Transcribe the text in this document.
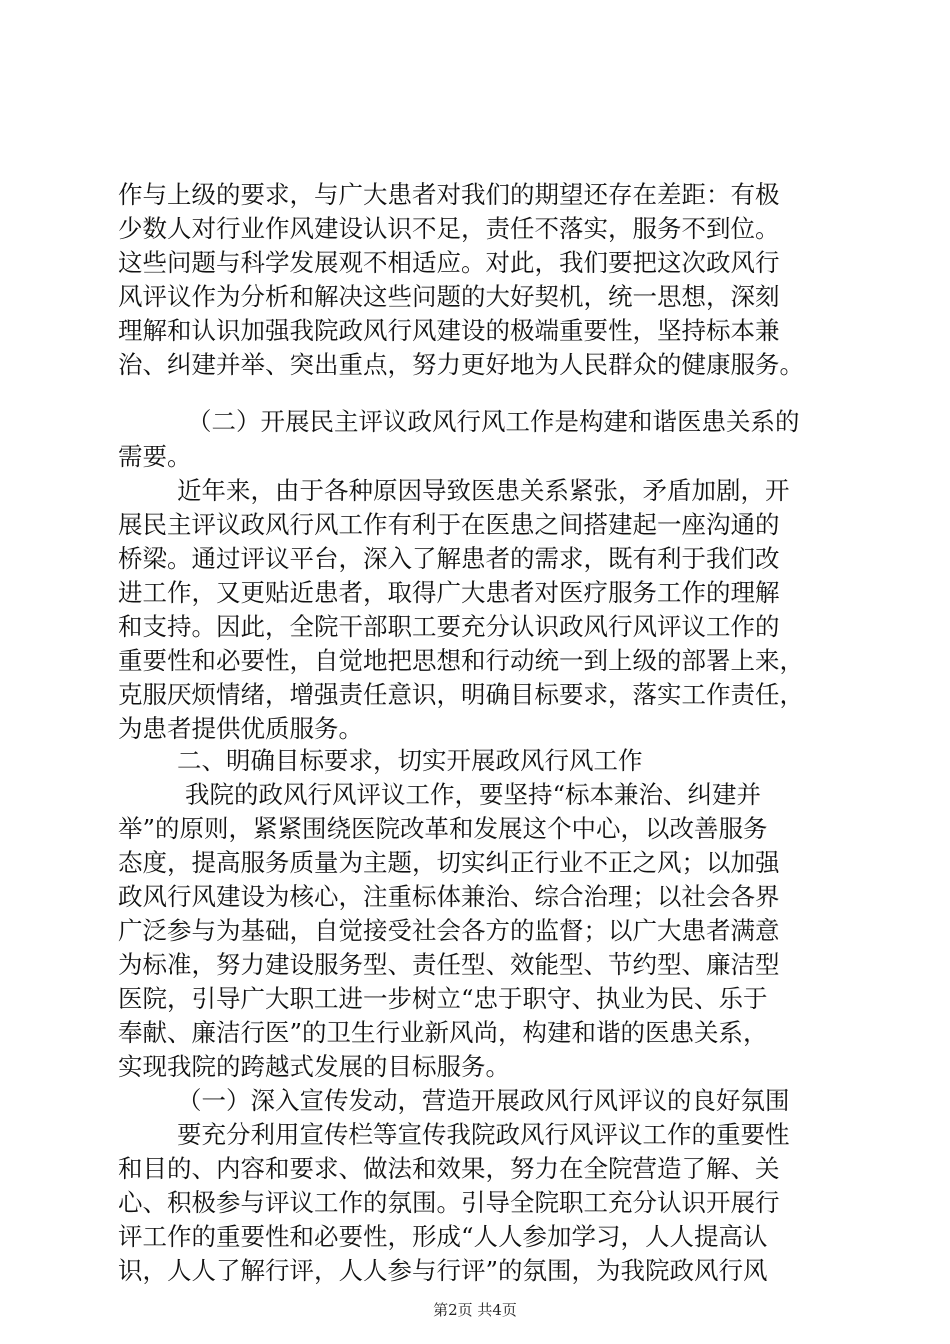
作与上级的要求，与广大患者对我们的期望还存在差距：有极
少数人对行业作风建设认识不足，责任不落实，服务不到位。
这些问题与科学发展观不相适应。对此，我们要把这次政风行
风评议作为分析和解决这些问题的大好契机，统一思想，深刻
理解和认识加强我院政风行风建设的极端重要性，坚持标本兼
治、纠建并举、突出重点，努力更好地为人民群众的健康服务。
（二）开展民主评议政风行风工作是构建和谐医患关系的
需要。
近年来，由于各种原因导致医患关系紧张，矛盾加剧，开
展民主评议政风行风工作有利于在医患之间搭建起一座沟通的
桥梁。通过评议平台，深入了解患者的需求，既有利于我们改
进工作，又更贴近患者，取得广大患者对医疗服务工作的理解
和支持。因此，全院干部职工要充分认识政风行风评议工作的
重要性和必要性，自觉地把思想和行动统一到上级的部署上来，
克服厌烦情绪，增强责任意识，明确目标要求，落实工作责任，
为患者提供优质服务。
二、明确目标要求，切实开展政风行风工作
我院的政风行风评议工作，要坚持“标本兼治、纠建并
举”的原则，紧紧围绕医院改革和发展这个中心，以改善服务
态度，提高服务质量为主题，切实纠正行业不正之风；以加强
政风行风建设为核心，注重标体兼治、综合治理；以社会各界
广泛参与为基础，自觉接受社会各方的监督；以广大患者满意
为标准，努力建设服务型、责任型、效能型、节约型、廉洁型
医院，引导广大职工进一步树立“忠于职守、执业为民、乐于
奉献、廉洁行医”的卫生行业新风尚，构建和谐的医患关系，
实现我院的跨越式发展的目标服务。
（一）深入宣传发动，营造开展政风行风评议的良好氛围
要充分利用宣传栏等宣传我院政风行风评议工作的重要性
和目的、内容和要求、做法和效果，努力在全院营造了解、关
心、积极参与评议工作的氛围。引导全院职工充分认识开展行
评工作的重要性和必要性，形成“人人参加学习，人人提高认
识，人人了解行评，人人参与行评”的氛围，为我院政风行风
第2页 共4页
